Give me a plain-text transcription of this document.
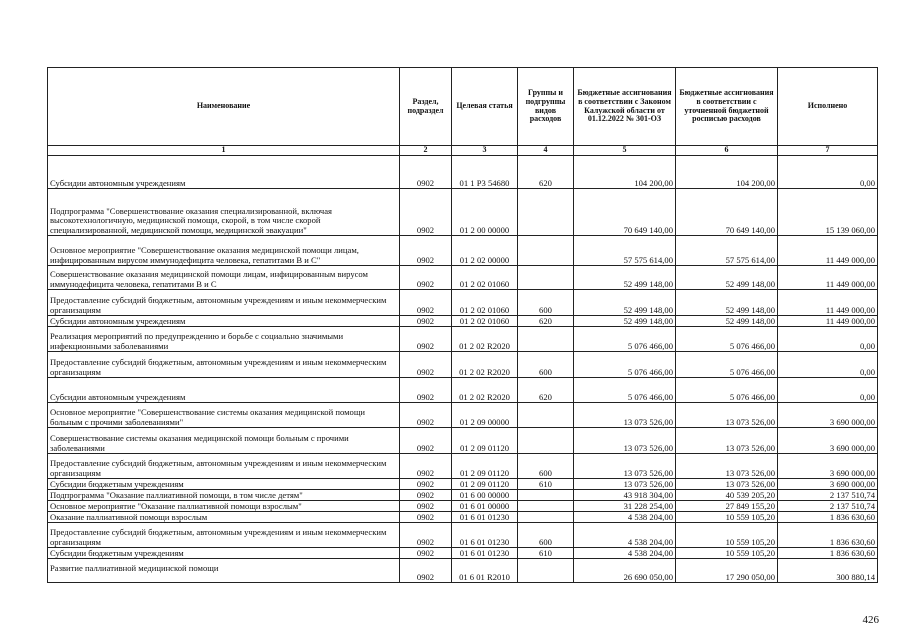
Наименование	Раздел, подраздел	Целевая статья	Группы и подгруппы видов расходов	Бюджетные ассигнования в соответствии с Законом Калужской области от 01.12.2022 № 301-ОЗ	Бюджетные ассигнования в соответствии с уточненной бюджетной росписью расходов	Исполнено
1	2	3	4	5	6	7
Субсидии автономным учреждениям	0902	01 1 P3 54680	620	104 200,00	104 200,00	0,00
Подпрограмма "Совершенствование оказания специализированной, включая высокотехнологичную, медицинской помощи, скорой, в том числе скорой специализированной, медицинской помощи, медицинской эвакуации"	0902	01 2 00 00000		70 649 140,00	70 649 140,00	15 139 060,00
Основное мероприятие "Совершенствование оказания медицинской помощи лицам, инфицированным вирусом иммунодефицита человека, гепатитами В и С"	0902	01 2 02 00000		57 575 614,00	57 575 614,00	11 449 000,00
Совершенствование оказания медицинской помощи лицам, инфицированным вирусом иммунодефицита человека, гепатитами В и С	0902	01 2 02 01060		52 499 148,00	52 499 148,00	11 449 000,00
Предоставление субсидий бюджетным, автономным учреждениям и иным некоммерческим организациям	0902	01 2 02 01060	600	52 499 148,00	52 499 148,00	11 449 000,00
Субсидии автономным учреждениям	0902	01 2 02 01060	620	52 499 148,00	52 499 148,00	11 449 000,00
Реализация мероприятий по предупреждению и борьбе с социально значимыми инфекционными заболеваниями	0902	01 2 02 R2020		5 076 466,00	5 076 466,00	0,00
Предоставление субсидий бюджетным, автономным учреждениям и иным некоммерческим организациям	0902	01 2 02 R2020	600	5 076 466,00	5 076 466,00	0,00
Субсидии автономным учреждениям	0902	01 2 02 R2020	620	5 076 466,00	5 076 466,00	0,00
Основное мероприятие "Совершенствование системы оказания медицинской помощи больным с прочими заболеваниями"	0902	01 2 09 00000		13 073 526,00	13 073 526,00	3 690 000,00
Совершенствование системы оказания медицинской помощи больным с прочими заболеваниями	0902	01 2 09 01120		13 073 526,00	13 073 526,00	3 690 000,00
Предоставление субсидий бюджетным, автономным учреждениям и иным некоммерческим организациям	0902	01 2 09 01120	600	13 073 526,00	13 073 526,00	3 690 000,00
Субсидии бюджетным учреждениям	0902	01 2 09 01120	610	13 073 526,00	13 073 526,00	3 690 000,00
Подпрограмма "Оказание паллиативной помощи, в том числе детям"	0902	01 6 00 00000		43 918 304,00	40 539 205,20	2 137 510,74
Основное мероприятие "Оказание паллиативной помощи взрослым"	0902	01 6 01 00000		31 228 254,00	27 849 155,20	2 137 510,74
Оказание паллиативной помощи взрослым	0902	01 6 01 01230		4 538 204,00	10 559 105,20	1 836 630,60
Предоставление субсидий бюджетным, автономным учреждениям и иным некоммерческим организациям	0902	01 6 01 01230	600	4 538 204,00	10 559 105,20	1 836 630,60
Субсидии бюджетным учреждениям	0902	01 6 01 01230	610	4 538 204,00	10 559 105,20	1 836 630,60
Развитие паллиативной медицинской помощи	0902	01 6 01 R2010		26 690 050,00	17 290 050,00	300 880,14
426
